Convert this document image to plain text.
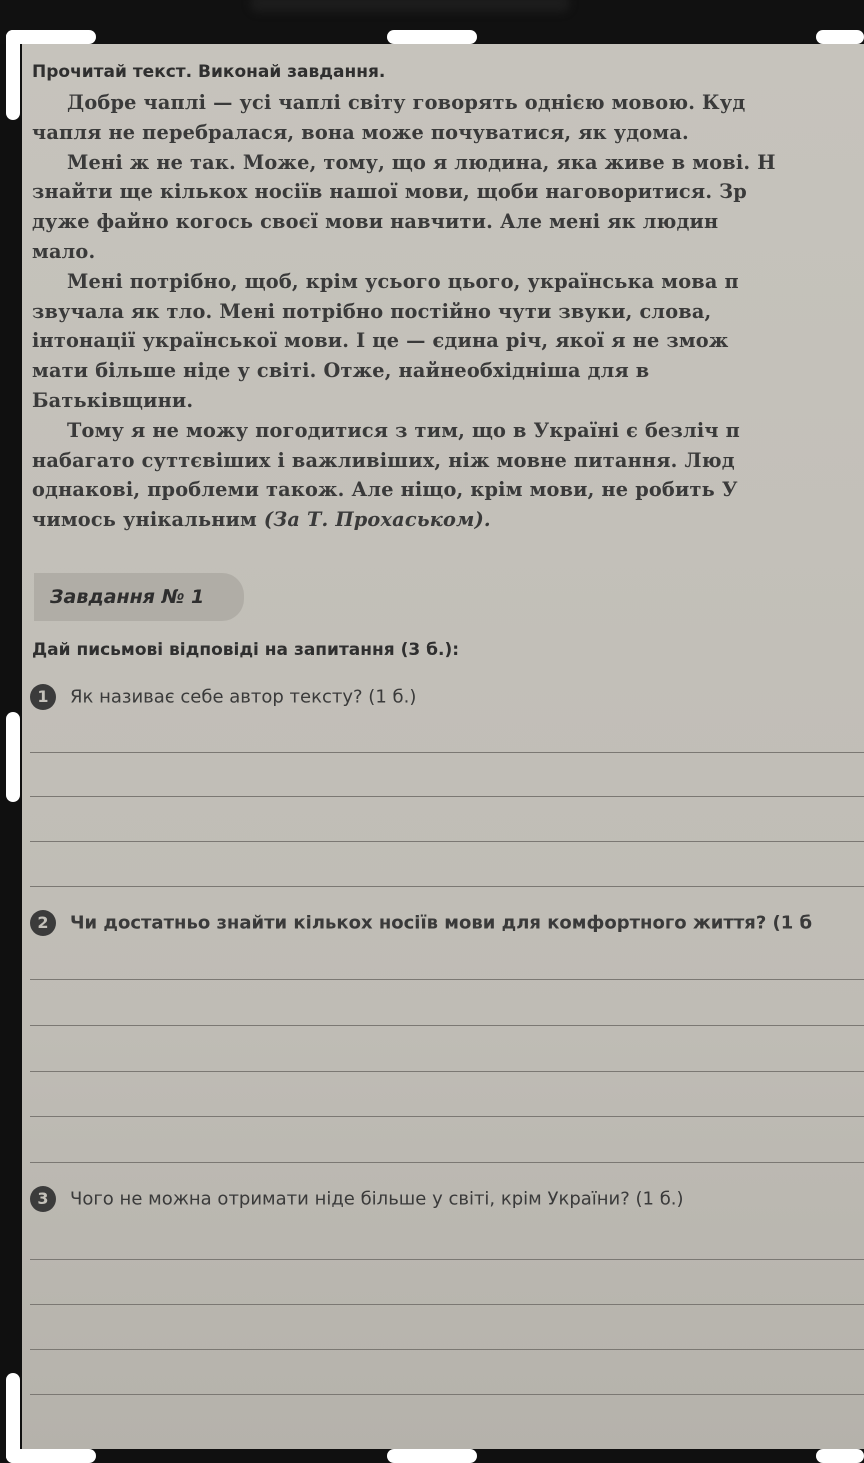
Прочитай текст. Виконай завдання.

Добре чаплі — усі чаплі світу говорять однією мовою. Куд

чапля не перебралася, вона може почуватися, як удома.

Мені ж не так. Може, тому, що я людина, яка живе в мові. Н

знайти ще кількох носіїв нашої мови, щоби наговоритися. Зр

дуже файно когось своєї мови навчити. Але мені як людин

мало.

Мені потрібно, щоб, крім усього цього, українська мова п

звучала як тло. Мені потрібно постійно чути звуки, слова,

інтонації української мови. І це — єдина річ, якої я не змож

мати більше ніде у світі. Отже, найнеобхідніша для в

Батьківщини.

Тому я не можу погодитися з тим, що в Україні є безліч п

набагато суттєвіших і важливіших, ніж мовне питання. Люд

однакові, проблеми також. Але ніщо, крім мови, не робить У

чимось унікальним (За Т. Прохаськом).

Завдання № 1
Дай письмові відповіді на запитання (3 б.):
1 Як називає себе автор тексту? (1 б.)
2 Чи достатньо знайти кількох носіїв мови для комфортного життя? (1 б
3 Чого не можна отримати ніде більше у світі, крім України? (1 б.)
